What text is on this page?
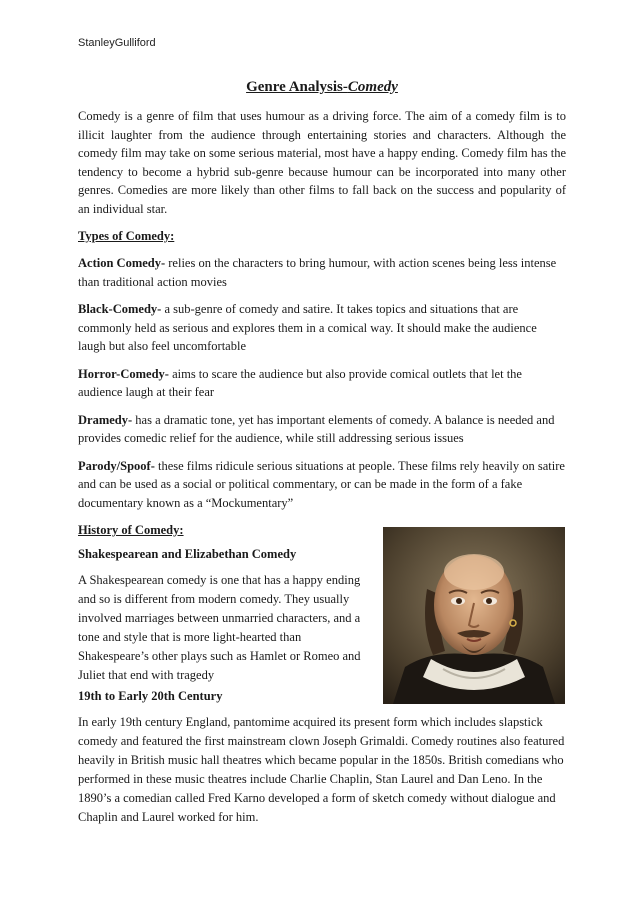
StanleyGulliford
Genre Analysis-Comedy

Comedy is a genre of film that uses humour as a driving force. The aim of a comedy film is to illicit laughter from the audience through entertaining stories and characters. Although the comedy film may take on some serious material, most have a happy ending. Comedy film has the tendency to become a hybrid sub-genre because humour can be incorporated into many other genres. Comedies are more likely than other films to fall back on the success and popularity of an individual star.

Types of Comedy:

Action Comedy- relies on the characters to bring humour, with action scenes being less intense than traditional action movies

Black-Comedy- a sub-genre of comedy and satire. It takes topics and situations that are commonly held as serious and explores them in a comical way. It should make the audience laugh but also feel uncomfortable

Horror-Comedy- aims to scare the audience but also provide comical outlets that let the audience laugh at their fear

Dramedy- has a dramatic tone, yet has important elements of comedy. A balance is needed and provides comedic relief for the audience, while still addressing serious issues

Parody/Spoof- these films ridicule serious situations at people. These films rely heavily on satire and can be used as a social or political commentary, or can be made in the form of a fake documentary known as a “Mockumentary”

History of Comedy:
Shakespearean and Elizabethan Comedy

A Shakespearean comedy is one that has a happy ending and so is different from modern comedy. They usually involved marriages between unmarried characters, and a tone and style that is more light-hearted than Shakespeare’s other plays such as Hamlet or Romeo and Juliet that end with tragedy

19th to Early 20th Century

In early 19th century England, pantomime acquired its present form which includes slapstick comedy and featured the first mainstream clown Joseph Grimaldi. Comedy routines also featured heavily in British music hall theatres which became popular in the 1850s. British comedians who performed in these music theatres include Charlie Chaplin, Stan Laurel and Dan Leno. In the 1890’s a comedian called Fred Karno developed a form of sketch comedy without dialogue and Chaplin and Laurel worked for him.
